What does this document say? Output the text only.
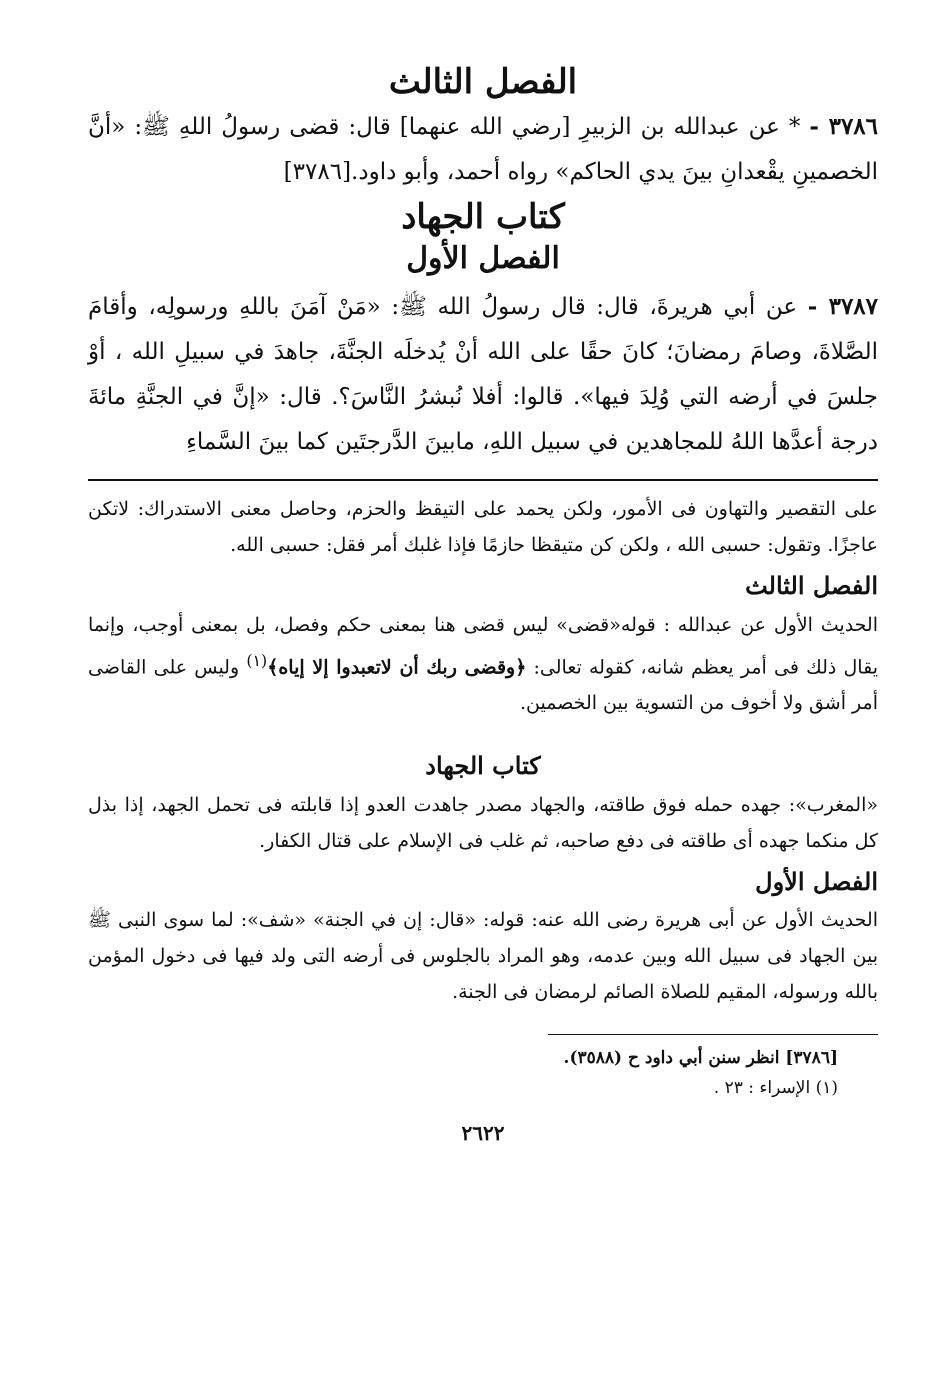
الفصل الثالث

٣٧٨٦ - * عن عبدالله بن الزبيرِ [رضي الله عنهما] قال: قضى رسولُ اللهِ ﷺ: «أنَّ الخصمينِ يقْعدانِ بينَ يدي الحاكم» رواه أحمد، وأبو داود.[٣٧٨٦]

كتاب الجهاد
الفصل الأول

٣٧٨٧ - عن أبي هريرةَ، قال: قال رسولُ الله ﷺ: «مَنْ آمَنَ باللهِ ورسولِه، وأقامَ الصَّلاةَ، وصامَ رمضانَ؛ كانَ حقًا على الله أنْ يُدخلَه الجنَّةَ، جاهدَ في سبيلِ الله ، أوْ جلسَ في أرضه التي وُلِدَ فيها». قالوا: أفلا نُبشرُ النَّاسَ؟. قال: «إنَّ في الجنَّةِ مائةَ درجة أعدَّها اللهُ للمجاهدين في سبيل اللهِ، مابينَ الدَّرجتَين كما بينَ السَّماءِ

على التقصير والتهاون فى الأمور، ولكن يحمد على التيقظ والحزم، وحاصل معنى الاستدراك: لاتكن عاجزًا. وتقول: حسبى الله ، ولكن كن متيقظا حازمًا فإذا غلبك أمر فقل: حسبى الله.

الفصل الثالث

الحديث الأول عن عبدالله : قوله«قضى» ليس قضى هنا بمعنى حكم وفصل، بل بمعنى أوجب، وإنما يقال ذلك فى أمر يعظم شانه، كقوله تعالى: ﴿وقضى ربك أن لاتعبدوا إلا إياه﴾$^{(١)}$ وليس على القاضى أمر أشق ولا أخوف من التسوية بين الخصمين.

كتاب الجهاد

«المغرب»: جهده حمله فوق طاقته، والجهاد مصدر جاهدت العدو إذا قابلته فى تحمل الجهد، إذا بذل كل منكما جهده أى طاقته فى دفع صاحبه، ثم غلب فى الإسلام على قتال الكفار.

الفصل الأول

الحديث الأول عن أبى هريرة رضى الله عنه: قوله: «قال: إن في الجنة» «شف»: لما سوى النبى ﷺ بين الجهاد فى سبيل الله وبين عدمه، وهو المراد بالجلوس فى أرضه التى ولد فيها فى دخول المؤمن بالله ورسوله، المقيم للصلاة الصائم لرمضان فى الجنة.

[٣٧٨٦] انظر سنن أبي داود ح (٣٥٨٨).

(١) الإسراء : ٢٣ .

٢٦٢٢
